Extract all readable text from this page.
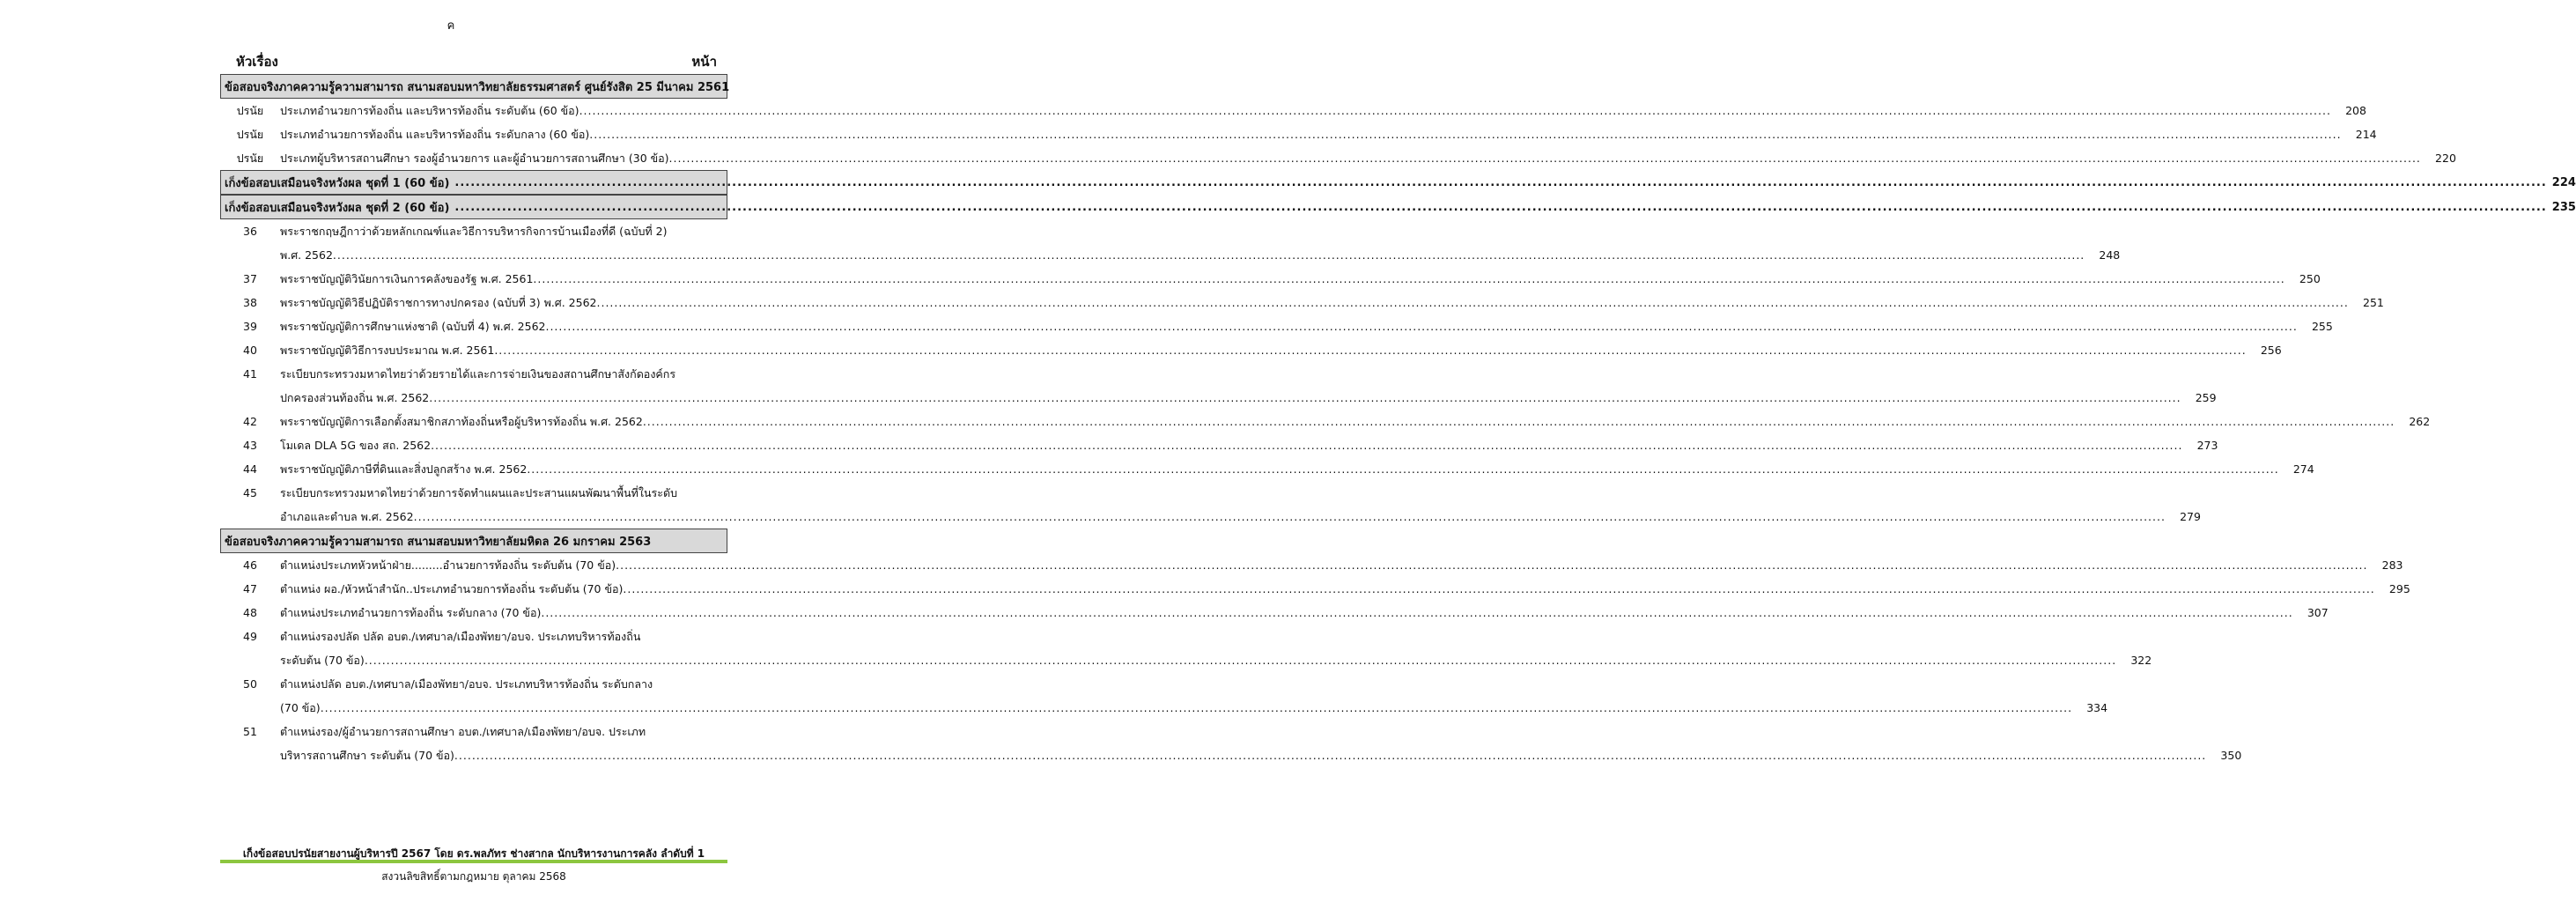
ค
หัวเรื่อง	หน้า
ข้อสอบจริงภาคความรู้ความสามารถ สนามสอบมหาวิทยาลัยธรรมศาสตร์ ศูนย์รังสิต 25 มีนาคม 2561
ปรนัย	ประเภทอำนวยการท้องถิ่น และบริหารท้องถิ่น ระดับต้น (60 ข้อ) ................................................................................................................................................................................................................................................................................................................................................................................................................	208
ปรนัย	ประเภทอำนวยการท้องถิ่น และบริหารท้องถิ่น ระดับกลาง (60 ข้อ) ................................................................................................................................................................................................................................................................................................................................................................................................................	214
ปรนัย	ประเภทผู้บริหารสถานศึกษา รองผู้อำนวยการ และผู้อำนวยการสถานศึกษา (30 ข้อ) ................................................................................................................................................................................................................................................................................................................................................................................................................	220
เก็งข้อสอบเสมือนจริงหวังผล ชุดที่ 1 (60 ข้อ) ................................................................................................................................................................................................................................................................................................................................................................................................................ 224
เก็งข้อสอบเสมือนจริงหวังผล ชุดที่ 2 (60 ข้อ) ................................................................................................................................................................................................................................................................................................................................................................................................................ 235
36	พระราชกฤษฎีกาว่าด้วยหลักเกณฑ์และวิธีการบริหารกิจการบ้านเมืองที่ดี (ฉบับที่ 2)
พ.ศ. 2562 ................................................................................................................................................................................................................................................................................................................................................................................................................	248
37	พระราชบัญญัติวินัยการเงินการคลังของรัฐ พ.ศ. 2561 ................................................................................................................................................................................................................................................................................................................................................................................................................	250
38	พระราชบัญญัติวิธีปฏิบัติราชการทางปกครอง (ฉบับที่ 3) พ.ศ. 2562 ................................................................................................................................................................................................................................................................................................................................................................................................................	251
39	พระราชบัญญัติการศึกษาแห่งชาติ (ฉบับที่ 4) พ.ศ. 2562 ................................................................................................................................................................................................................................................................................................................................................................................................................	255
40	พระราชบัญญัติวิธีการงบประมาณ พ.ศ. 2561 ................................................................................................................................................................................................................................................................................................................................................................................................................	256
41	ระเบียบกระทรวงมหาดไทยว่าด้วยรายได้และการจ่ายเงินของสถานศึกษาสังกัดองค์กร
ปกครองส่วนท้องถิ่น พ.ศ. 2562 ................................................................................................................................................................................................................................................................................................................................................................................................................	259
42	พระราชบัญญัติการเลือกตั้งสมาชิกสภาท้องถิ่นหรือผู้บริหารท้องถิ่น พ.ศ. 2562 ................................................................................................................................................................................................................................................................................................................................................................................................................	262
43	โมเดล DLA 5G ของ สถ. 2562 ................................................................................................................................................................................................................................................................................................................................................................................................................	273
44	พระราชบัญญัติภาษีที่ดินและสิ่งปลูกสร้าง พ.ศ. 2562 ................................................................................................................................................................................................................................................................................................................................................................................................................	274
45	ระเบียบกระทรวงมหาดไทยว่าด้วยการจัดทำแผนและประสานแผนพัฒนาพื้นที่ในระดับ
อำเภอและตำบล พ.ศ. 2562 ................................................................................................................................................................................................................................................................................................................................................................................................................	279
ข้อสอบจริงภาคความรู้ความสามารถ สนามสอบมหาวิทยาลัยมหิดล 26 มกราคม 2563
46	ตำแหน่งประเภทหัวหน้าฝ่าย.........อำนวยการท้องถิ่น ระดับต้น (70 ข้อ) ................................................................................................................................................................................................................................................................................................................................................................................................................	283
47	ตำแหน่ง ผอ./หัวหน้าสำนัก..ประเภทอำนวยการท้องถิ่น ระดับต้น (70 ข้อ) ................................................................................................................................................................................................................................................................................................................................................................................................................	295
48	ตำแหน่งประเภทอำนวยการท้องถิ่น ระดับกลาง (70 ข้อ) ................................................................................................................................................................................................................................................................................................................................................................................................................	307
49	ตำแหน่งรองปลัด ปลัด อบต./เทศบาล/เมืองพัทยา/อบจ. ประเภทบริหารท้องถิ่น
ระดับต้น (70 ข้อ) ................................................................................................................................................................................................................................................................................................................................................................................................................	322
50	ตำแหน่งปลัด อบต./เทศบาล/เมืองพัทยา/อบจ. ประเภทบริหารท้องถิ่น ระดับกลาง
(70 ข้อ) ................................................................................................................................................................................................................................................................................................................................................................................................................	334
51	ตำแหน่งรอง/ผู้อำนวยการสถานศึกษา อบต./เทศบาล/เมืองพัทยา/อบจ. ประเภท
บริหารสถานศึกษา ระดับต้น (70 ข้อ) ................................................................................................................................................................................................................................................................................................................................................................................................................	350
เก็งข้อสอบปรนัยสายงานผู้บริหารปี 2567 โดย ดร.พลภัทร ช่างสากล นักบริหารงานการคลัง ลำดับที่ 1
สงวนลิขสิทธิ์ตามกฎหมาย ตุลาคม 2568
